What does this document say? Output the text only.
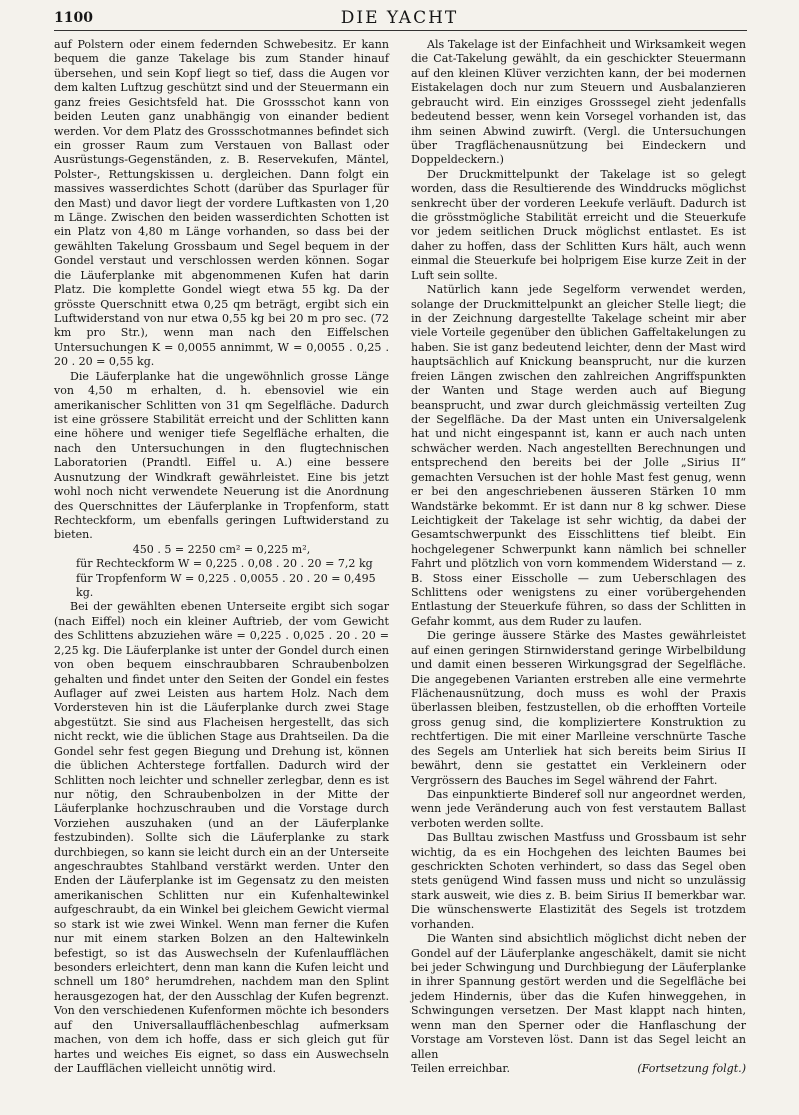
1100	DIE YACHT

auf Polstern oder einem federnden Schwebesitz. Er kann bequem die ganze Takelage bis zum Stander hinauf übersehen, und sein Kopf liegt so tief, dass die Augen vor dem kalten Luftzug geschützt sind und der Steuermann ein ganz freies Gesichtsfeld hat. Die Grossschot kann von beiden Leuten ganz unabhängig von einander bedient werden. Vor dem Platz des Grossschotmannes befindet sich ein grosser Raum zum Verstauen von Ballast oder Ausrüstungs-Gegenständen, z. B. Reservekufen, Mäntel, Polster-, Rettungskissen u. dergleichen. Dann folgt ein massives wasserdichtes Schott (darüber das Spurlager für den Mast) und davor liegt der vordere Luftkasten von 1,20 m Länge. Zwischen den beiden wasserdichten Schotten ist ein Platz von 4,80 m Länge vorhanden, so dass bei der gewählten Takelung Grossbaum und Segel bequem in der Gondel verstaut und verschlossen werden können. Sogar die Läuferplanke mit abgenommenen Kufen hat darin Platz. Die komplette Gondel wiegt etwa 55 kg. Da der grösste Querschnitt etwa 0,25 qm beträgt, ergibt sich ein Luftwiderstand von nur etwa 0,55 kg bei 20 m pro sec. (72 km pro Str.), wenn man nach den Eiffelschen Untersuchungen K = 0,0055 annimmt, W = 0,0055 . 0,25 . 20 . 20 = 0,55 kg.

Die Läuferplanke hat die ungewöhnlich grosse Länge von 4,50 m erhalten, d. h. ebensoviel wie ein amerikanischer Schlitten von 31 qm Segelfläche. Dadurch ist eine grössere Stabilität erreicht und der Schlitten kann eine höhere und weniger tiefe Segelfläche erhalten, die nach den Untersuchungen in den flugtechnischen Laboratorien (Prandtl. Eiffel u. A.) eine bessere Ausnutzung der Windkraft gewährleistet. Eine bis jetzt wohl noch nicht verwendete Neuerung ist die Anordnung des Querschnittes der Läuferplanke in Tropfenform, statt Rechteckform, um ebenfalls geringen Luftwiderstand zu bieten.

450 . 5 = 2250 cm² = 0,225 m²,

für Rechteckform W = 0,225 . 0,08 . 20 . 20 = 7,2 kg

für Tropfenform W = 0,225 . 0,0055 . 20 . 20 = 0,495 kg.

Bei der gewählten ebenen Unterseite ergibt sich sogar (nach Eiffel) noch ein kleiner Auftrieb, der vom Gewicht des Schlittens abzuziehen wäre = 0,225 . 0,025 . 20 . 20 = 2,25 kg. Die Läuferplanke ist unter der Gondel durch einen von oben bequem einschraubbaren Schraubenbolzen gehalten und findet unter den Seiten der Gondel ein festes Auflager auf zwei Leisten aus hartem Holz. Nach dem Vordersteven hin ist die Läuferplanke durch zwei Stage abgestützt. Sie sind aus Flacheisen hergestellt, das sich nicht reckt, wie die üblichen Stage aus Drahtseilen. Da die Gondel sehr fest gegen Biegung und Drehung ist, können die üblichen Achterstege fortfallen. Dadurch wird der Schlitten noch leichter und schneller zerlegbar, denn es ist nur nötig, den Schraubenbolzen in der Mitte der Läuferplanke hochzuschrauben und die Vorstage durch Vorziehen auszuhaken (und an der Läuferplanke festzubinden). Sollte sich die Läuferplanke zu stark durchbiegen, so kann sie leicht durch ein an der Unterseite angeschraubtes Stahlband verstärkt werden. Unter den Enden der Läuferplanke ist im Gegensatz zu den meisten amerikanischen Schlitten nur ein Kufenhaltewinkel aufgeschraubt, da ein Winkel bei gleichem Gewicht viermal so stark ist wie zwei Winkel. Wenn man ferner die Kufen nur mit einem starken Bolzen an den Haltewinkeln befestigt, so ist das Auswechseln der Kufenlaufflächen besonders erleichtert, denn man kann die Kufen leicht und schnell um 180° herumdrehen, nachdem man den Splint herausgezogen hat, der den Ausschlag der Kufen begrenzt. Von den verschiedenen Kufenformen möchte ich besonders auf den Universallaufflächenbeschlag aufmerksam machen, von dem ich hoffe, dass er sich gleich gut für hartes und weiches Eis eignet, so dass ein Auswechseln der Laufflächen vielleicht unnötig wird.

Als Takelage ist der Einfachheit und Wirksamkeit wegen die Cat-Takelung gewählt, da ein geschickter Steuermann auf den kleinen Klüver verzichten kann, der bei modernen Eistakelagen doch nur zum Steuern und Ausbalanzieren gebraucht wird. Ein einziges Grosssegel zieht jedenfalls bedeutend besser, wenn kein Vorsegel vorhanden ist, das ihm seinen Abwind zuwirft. (Vergl. die Untersuchungen über Tragflächenausnützung bei Eindeckern und Doppeldeckern.)

Der Druckmittelpunkt der Takelage ist so gelegt worden, dass die Resultierende des Winddrucks möglichst senkrecht über der vorderen Leekufe verläuft. Dadurch ist die grösstmögliche Stabilität erreicht und die Steuerkufe vor jedem seitlichen Druck möglichst entlastet. Es ist daher zu hoffen, dass der Schlitten Kurs hält, auch wenn einmal die Steuerkufe bei holprigem Eise kurze Zeit in der Luft sein sollte.

Natürlich kann jede Segelform verwendet werden, solange der Druckmittelpunkt an gleicher Stelle liegt; die in der Zeichnung dargestellte Takelage scheint mir aber viele Vorteile gegenüber den üblichen Gaffeltakelungen zu haben. Sie ist ganz bedeutend leichter, denn der Mast wird hauptsächlich auf Knickung beansprucht, nur die kurzen freien Längen zwischen den zahlreichen Angriffspunkten der Wanten und Stage werden auch auf Biegung beansprucht, und zwar durch gleichmässig verteilten Zug der Segelfläche. Da der Mast unten ein Universalgelenk hat und nicht eingespannt ist, kann er auch nach unten schwächer werden. Nach angestellten Berechnungen und entsprechend den bereits bei der Jolle „Sirius II“ gemachten Versuchen ist der hohle Mast fest genug, wenn er bei den angeschriebenen äusseren Stärken 10 mm Wandstärke bekommt. Er ist dann nur 8 kg schwer. Diese Leichtigkeit der Takelage ist sehr wichtig, da dabei der Gesamtschwerpunkt des Eisschlittens tief bleibt. Ein hochgelegener Schwerpunkt kann nämlich bei schneller Fahrt und plötzlich von vorn kommendem Widerstand — z. B. Stoss einer Eisscholle — zum Ueberschlagen des Schlittens oder wenigstens zu einer vorübergehenden Entlastung der Steuerkufe führen, so dass der Schlitten in Gefahr kommt, aus dem Ruder zu laufen.

Die geringe äussere Stärke des Mastes gewährleistet auf einen geringen Stirnwiderstand geringe Wirbelbildung und damit einen besseren Wirkungsgrad der Segelfläche. Die angegebenen Varianten erstreben alle eine vermehrte Flächenausnützung, doch muss es wohl der Praxis überlassen bleiben, festzustellen, ob die erhofften Vorteile gross genug sind, die kompliziertere Konstruktion zu rechtfertigen. Die mit einer Marlleine verschnürte Tasche des Segels am Unterliek hat sich bereits beim Sirius II bewährt, denn sie gestattet ein Verkleinern oder Vergrössern des Bauches im Segel während der Fahrt.

Das einpunktierte Binderef soll nur angeordnet werden, wenn jede Veränderung auch von fest verstautem Ballast verboten werden sollte.

Das Bulltau zwischen Mastfuss und Grossbaum ist sehr wichtig, da es ein Hochgehen des leichten Baumes bei geschrickten Schoten verhindert, so dass das Segel oben stets genügend Wind fassen muss und nicht so unzulässig stark ausweit, wie dies z. B. beim Sirius II bemerkbar war. Die wünschenswerte Elastizität des Segels ist trotzdem vorhanden.

Die Wanten sind absichtlich möglichst dicht neben der Gondel auf der Läuferplanke angeschäkelt, damit sie nicht bei jeder Schwingung und Durchbiegung der Läuferplanke in ihrer Spannung gestört werden und die Segelfläche bei jedem Hindernis, über das die Kufen hinweggehen, in Schwingungen versetzen. Der Mast klappt nach hinten, wenn man den Sperner oder die Hanflaschung der Vorstage am Vorsteven löst. Dann ist das Segel leicht an allen

Teilen erreichbar.	(Fortsetzung folgt.)
